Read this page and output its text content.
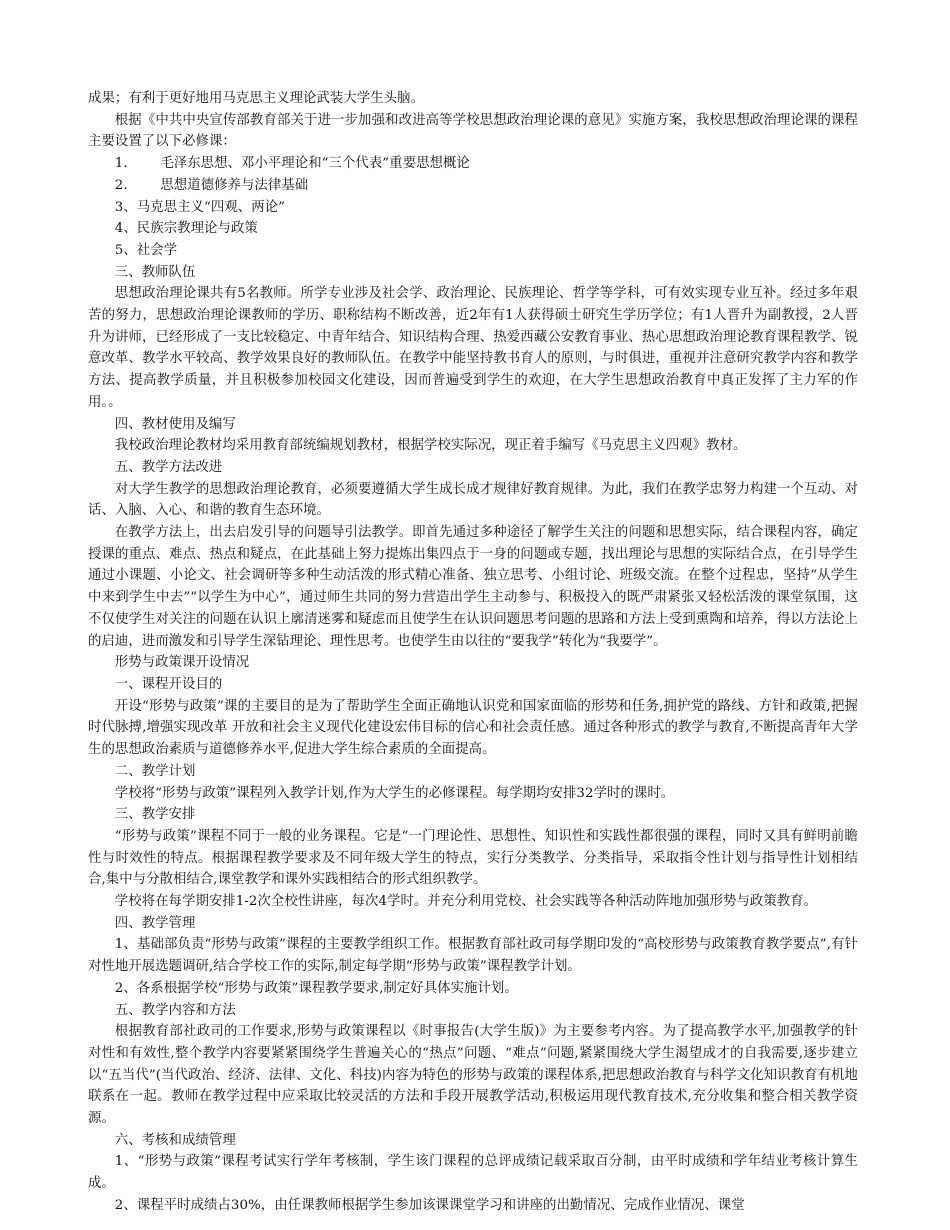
成果；有利于更好地用马克思主义理论武装大学生头脑。

根据《中共中央宣传部教育部关于进一步加强和改进高等学校思想政治理论课的意见》实施方案，我校思想政治理论课的课程主要设置了以下必修课：

1.	毛泽东思想、邓小平理论和“三个代表”重要思想概论

2.	思想道德修养与法律基础

3、马克思主义“四观、两论”

4、民族宗教理论与政策

5、社会学

三、教师队伍

思想政治理论课共有5名教师。所学专业涉及社会学、政治理论、民族理论、哲学等学科，可有效实现专业互补。经过多年艰苦的努力，思想政治理论课教师的学历、职称结构不断改善，近2年有1人获得硕士研究生学历学位；有1人晋升为副教授，2人晋升为讲师，已经形成了一支比较稳定、中青年结合、知识结构合理、热爱西藏公安教育事业、热心思想政治理论教育课程教学、锐意改革、教学水平较高、教学效果良好的教师队伍。在教学中能坚持教书育人的原则，与时俱进，重视并注意研究教学内容和教学方法、提高教学质量，并且积极参加校园文化建设，因而普遍受到学生的欢迎，在大学生思想政治教育中真正发挥了主力军的作用。。

四、教材使用及编写

我校政治理论教材均采用教育部统编规划教材，根据学校实际况，现正着手编写《马克思主义四观》教材。

五、教学方法改进

对大学生教学的思想政治理论教育，必须要遵循大学生成长成才规律好教育规律。为此，我们在教学忠努力构建一个互动、对话、入脑、入心、和谐的教育生态环境。

在教学方法上，出去启发引导的问题导引法教学。即首先通过多种途径了解学生关注的问题和思想实际，结合课程内容，确定授课的重点、难点、热点和疑点，在此基础上努力提炼出集四点于一身的问题或专题，找出理论与思想的实际结合点，在引导学生通过小课题、小论文、社会调研等多种生动活泼的形式精心准备、独立思考、小组讨论、班级交流。在整个过程忠，坚持“从学生中来到学生中去”“以学生为中心”，通过师生共同的努力营造出学生主动参与、积极投入的既严肃紧张又轻松活泼的课堂氛围，这不仅使学生对关注的问题在认识上廓清迷雾和疑虑而且使学生在认识问题思考问题的思路和方法上受到熏陶和培养，得以方法论上的启迪，进而激发和引导学生深钻理论、理性思考。也使学生由以往的“要我学”转化为“我要学”。

形势与政策课开设情况

一、课程开设目的

开设“形势与政策”课的主要目的是为了帮助学生全面正确地认识党和国家面临的形势和任务,拥护党的路线、方针和政策,把握时代脉搏,增强实现改革 开放和社会主义现代化建设宏伟目标的信心和社会责任感。通过各种形式的教学与教育,不断提高青年大学生的思想政治素质与道德修养水平,促进大学生综合素质的全面提高。

二、教学计划

学校将“形势与政策”课程列入教学计划,作为大学生的必修课程。每学期均安排32学时的课时。

三、教学安排

“形势与政策”课程不同于一般的业务课程。它是“一门理论性、思想性、知识性和实践性都很强的课程，同时又具有鲜明前瞻性与时效性的特点。根据课程教学要求及不同年级大学生的特点，实行分类教学、分类指导，采取指令性计划与指导性计划相结合,集中与分散相结合,课堂教学和课外实践相结合的形式组织教学。

学校将在每学期安排1-2次全校性讲座，每次4学时。并充分利用党校、社会实践等各种活动阵地加强形势与政策教育。

四、教学管理

1、基础部负责“形势与政策”课程的主要教学组织工作。根据教育部社政司每学期印发的“高校形势与政策教育教学要点”,有针对性地开展选题调研,结合学校工作的实际,制定每学期“形势与政策”课程教学计划。

2、各系根据学校“形势与政策”课程教学要求,制定好具体实施计划。

五、教学内容和方法

根据教育部社政司的工作要求,形势与政策课程以《时事报告(大学生版)》为主要参考内容。为了提高教学水平,加强教学的针对性和有效性,整个教学内容要紧紧围绕学生普遍关心的“热点”问题、“难点”问题,紧紧围绕大学生渴望成才的自我需要,逐步建立以“五当代”(当代政治、经济、法律、文化、科技)内容为特色的形势与政策的课程体系,把思想政治教育与科学文化知识教育有机地联系在一起。教师在教学过程中应采取比较灵活的方法和手段开展教学活动,积极运用现代教育技术,充分收集和整合相关教学资源。

六、考核和成绩管理

1、“形势与政策”课程考试实行学年考核制，学生该门课程的总评成绩记载采取百分制，由平时成绩和学年结业考核计算生成。

2、课程平时成绩占30%，由任课教师根据学生参加该课课堂学习和讲座的出勤情况、完成作业情况、课堂
